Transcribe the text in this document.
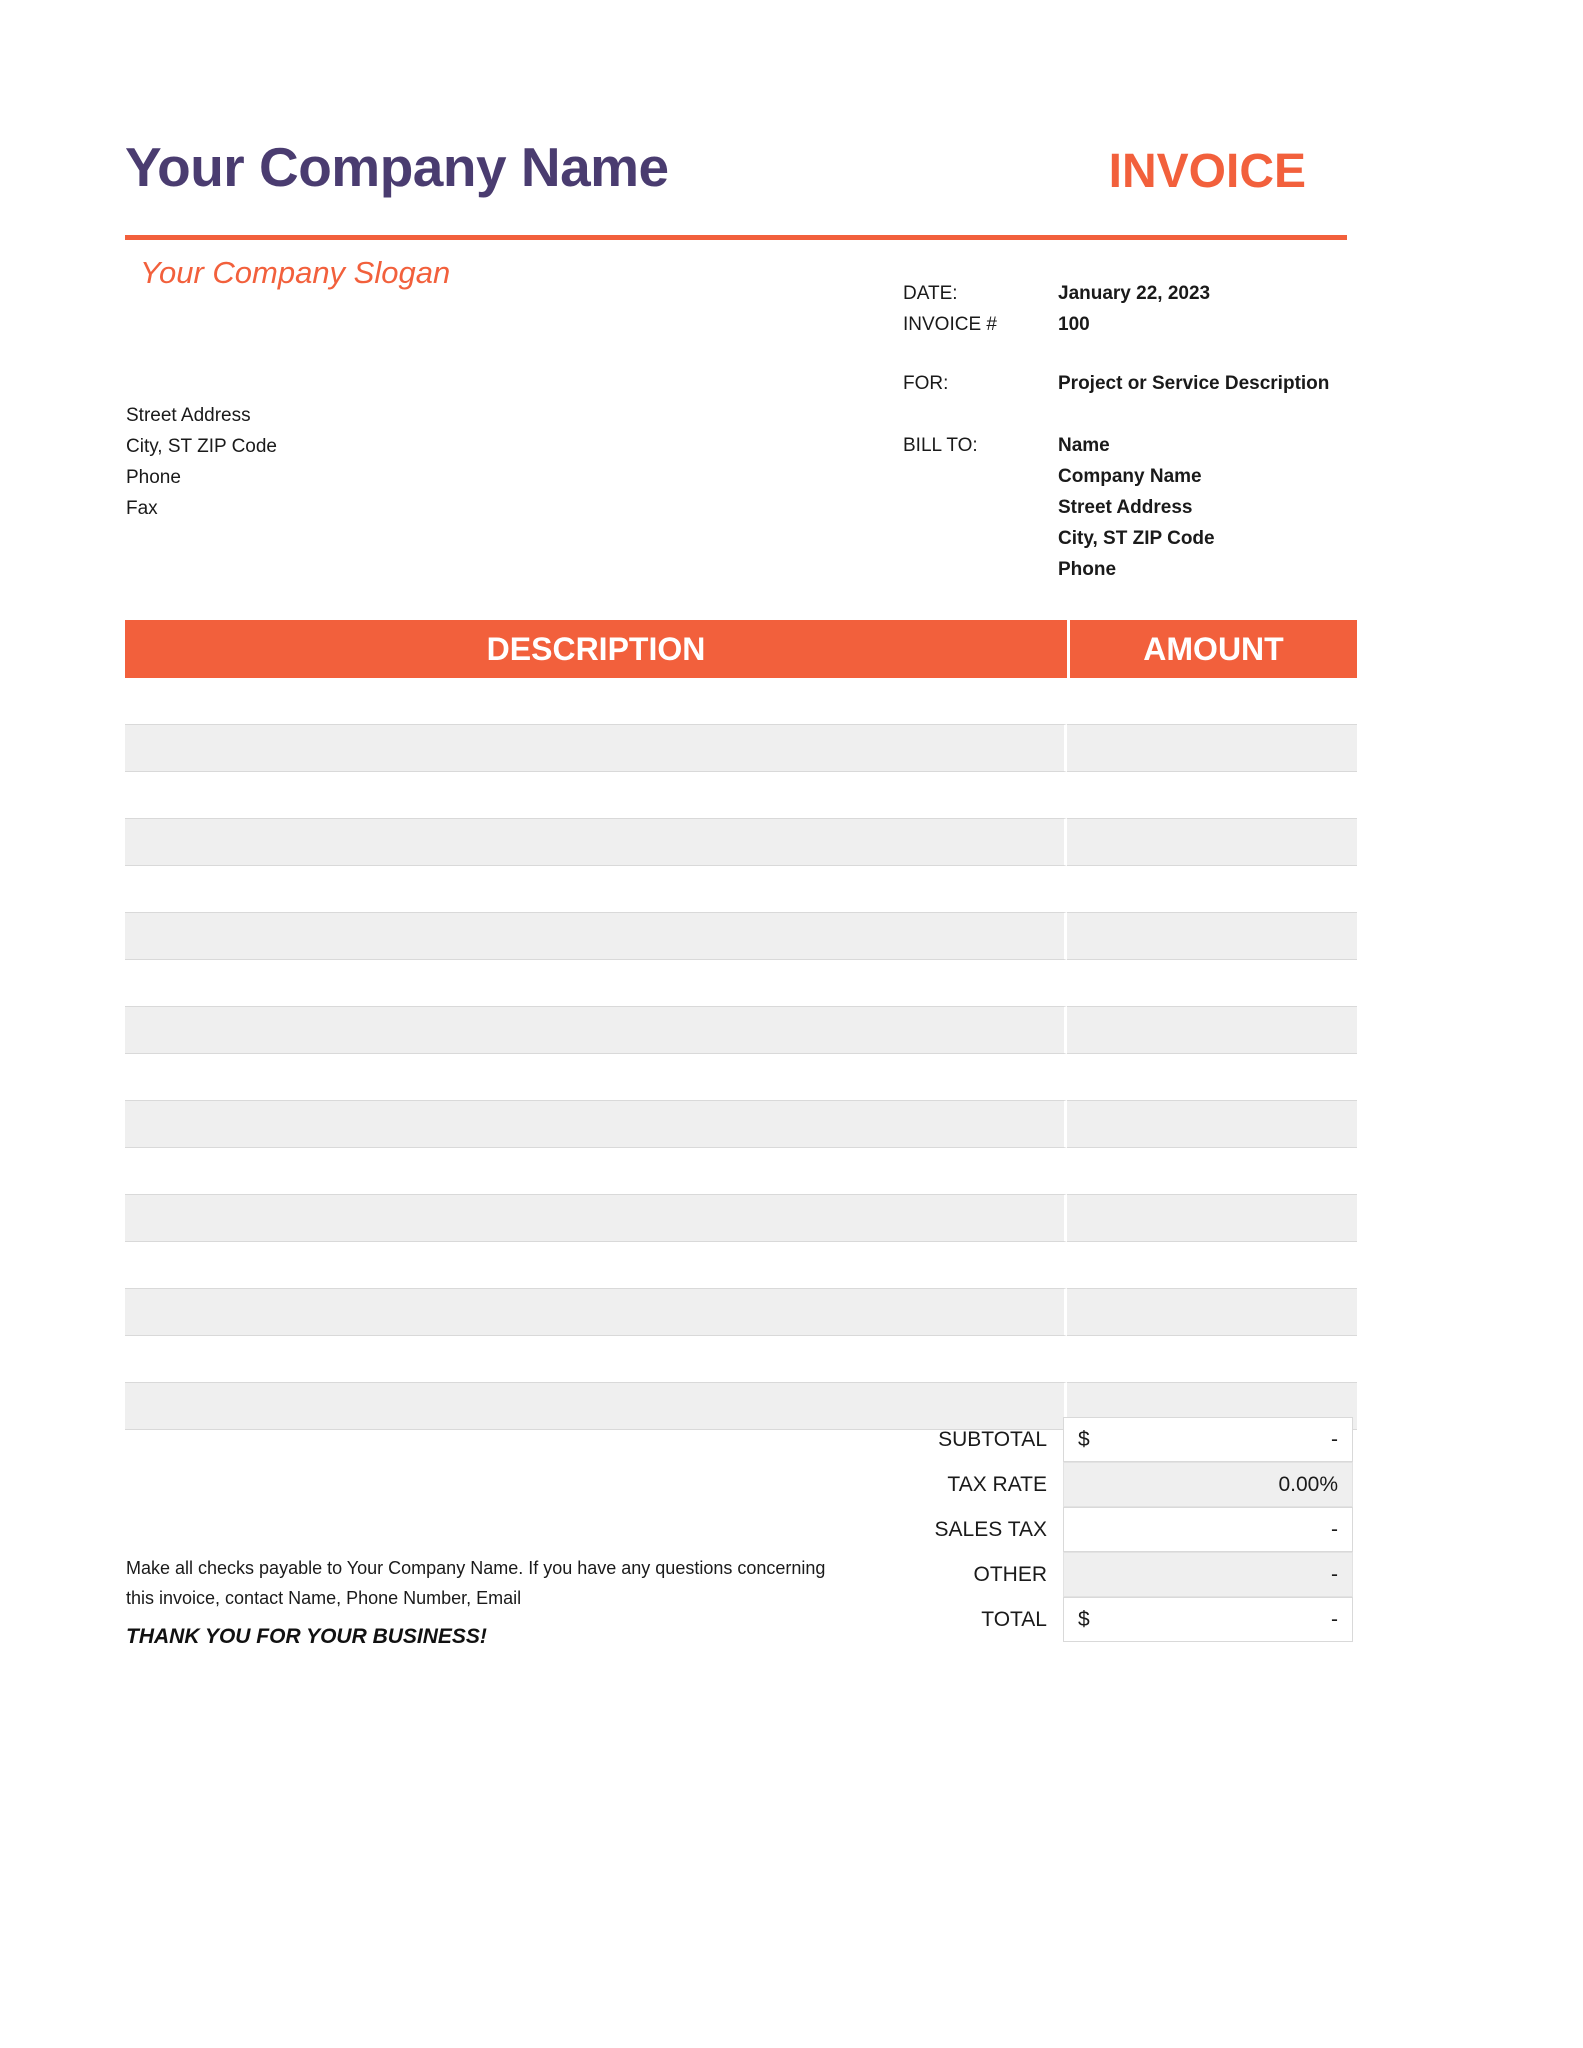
Your Company Name	INVOICE
Your Company Slogan
Street Address
City, ST ZIP Code
Phone
Fax
DATE:	January 22, 2023
INVOICE #	100
FOR:	Project or Service Description
BILL TO:	Name
Company Name
Street Address
City, ST ZIP Code
Phone
DESCRIPTION	AMOUNT
SUBTOTAL	$	-
TAX RATE	0.00%
SALES TAX	-
OTHER	-
TOTAL	$	-
Make all checks payable to Your Company Name. If you have any questions concerning this invoice, contact Name, Phone Number, Email
THANK YOU FOR YOUR BUSINESS!
